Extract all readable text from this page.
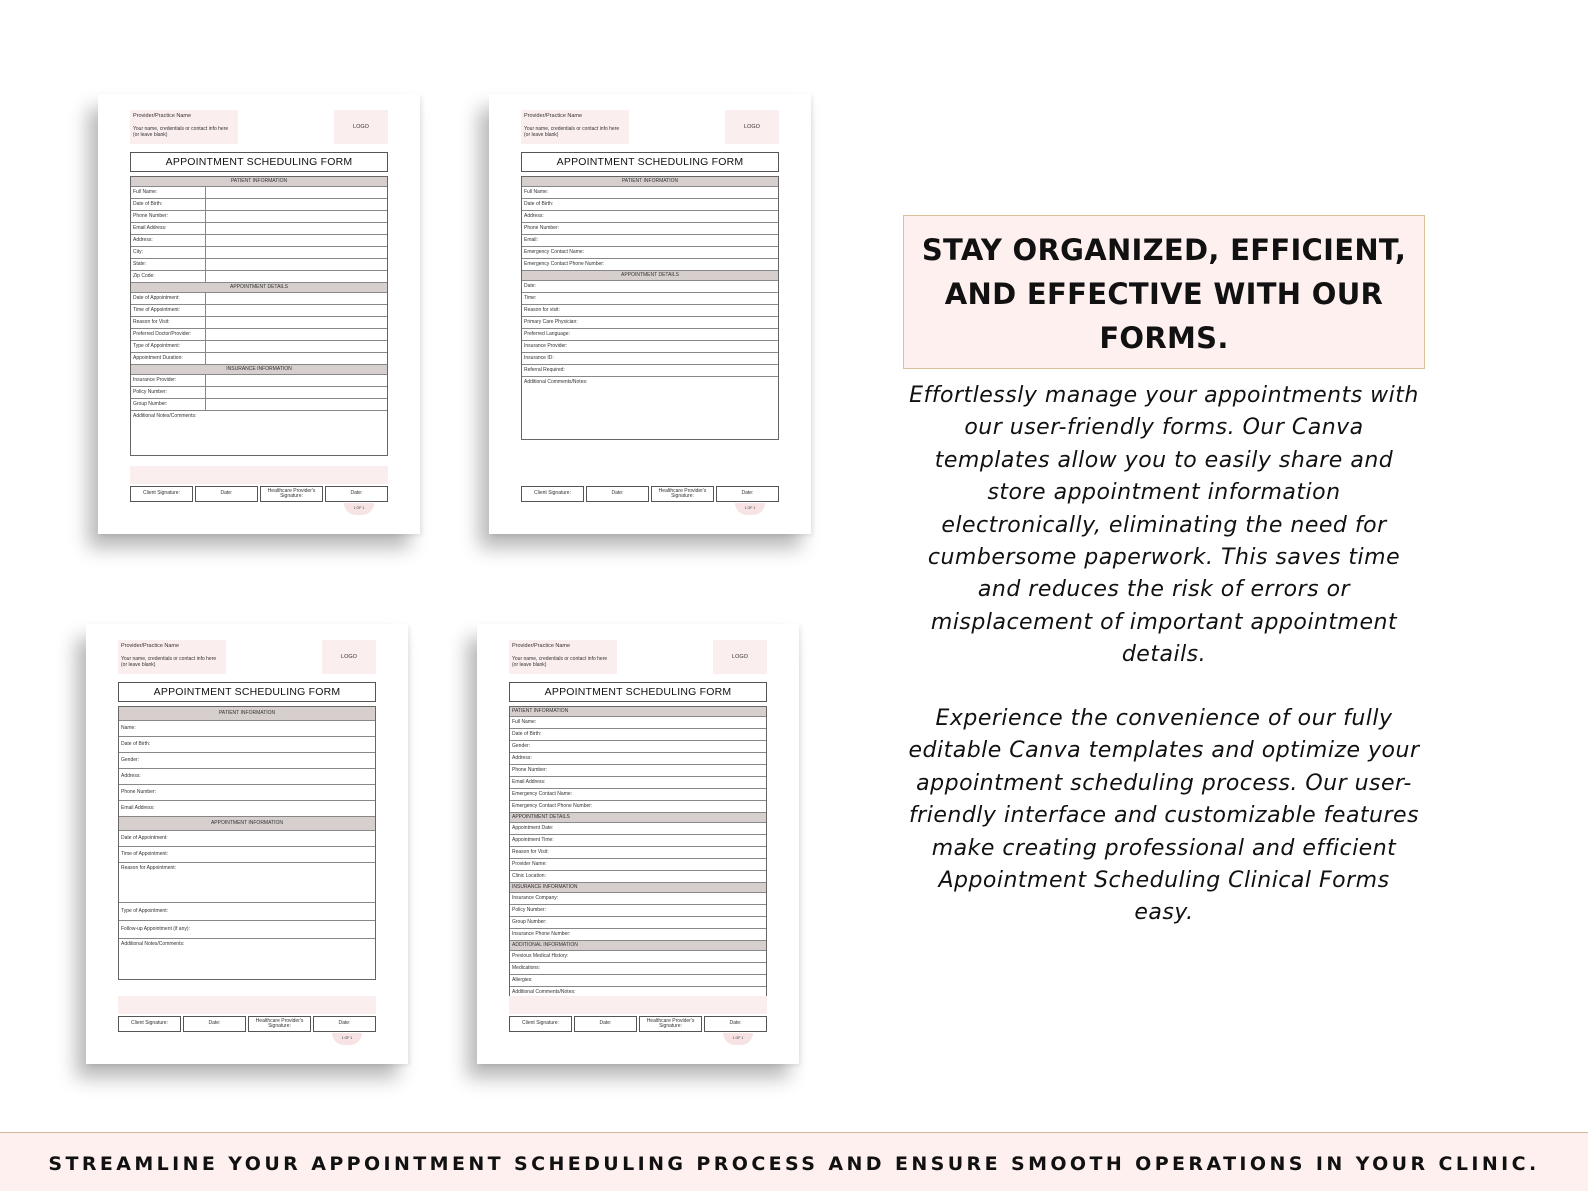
Provider/Practice Name
Your name, credentials or contact info here (or leave blank)
LOGO
APPOINTMENT SCHEDULING FORM
PATIENT INFORMATION
Full Name:
Date of Birth:
Phone Number:
Email Address:
Address:
City:
State:
Zip Code:
APPOINTMENT DETAILS
Date of Appointment:
Time of Appointment:
Reason for Visit:
Preferred Doctor/Provider:
Type of Appointment:
Appointment Duration:
INSURANCE INFORMATION
Insurance Provider:
Policy Number:
Group Number:
Additional Notes/Comments:
Client Signature:	Date:	Healthcare Provider's Signature:	Date:
1 OF 1
Provider/Practice Name
Your name, credentials or contact info here (or leave blank)
LOGO
APPOINTMENT SCHEDULING FORM
PATIENT INFORMATION
Full Name:
Date of Birth:
Address:
Phone Number:
Email:
Emergency Contact Name:
Emergency Contact Phone Number:
APPOINTMENT DETAILS
Date:
Time:
Reason for visit:
Primary Care Physician:
Preferred Language:
Insurance Provider:
Insurance ID:
Referral Required:
Additional Comments/Notes:
Client Signature:	Date:	Healthcare Provider's Signature:	Date:
1 OF 1
Provider/Practice Name
Your name, credentials or contact info here (or leave blank)
LOGO
APPOINTMENT SCHEDULING FORM
PATIENT INFORMATION
Name:
Date of Birth:
Gender:
Address:
Phone Number:
Email Address:
APPOINTMENT INFORMATION
Date of Appointment:
Time of Appointment:
Reason for Appointment:
Type of Appointment:
Follow-up Appointment (if any):
Additional Notes/Comments:
Client Signature:	Date:	Healthcare Provider's Signature:	Date:
1 OF 1
Provider/Practice Name
Your name, credentials or contact info here (or leave blank)
LOGO
APPOINTMENT SCHEDULING FORM
PATIENT INFORMATION
Full Name:
Date of Birth:
Gender:
Address:
Phone Number:
Email Address:
Emergency Contact Name:
Emergency Contact Phone Number:
APPOINTMENT DETAILS
Appointment Date:
Appointment Time:
Reason for Visit:
Provider Name:
Clinic Location:
INSURANCE INFORMATION
Insurance Company:
Policy Number:
Group Number:
Insurance Phone Number:
ADDITIONAL INFORMATION
Previous Medical History:
Medications:
Allergies:
Additional Comments/Notes:
Client Signature:	Date:	Healthcare Provider's Signature:	Date:
1 OF 1
STAY ORGANIZED, EFFICIENT, AND EFFECTIVE WITH OUR FORMS.
Effortlessly manage your appointments with our user-friendly forms. Our Canva templates allow you to easily share and store appointment information electronically, eliminating the need for cumbersome paperwork. This saves time and reduces the risk of errors or misplacement of important appointment details.
Experience the convenience of our fully editable Canva templates and optimize your appointment scheduling process. Our user-friendly interface and customizable features make creating professional and efficient Appointment Scheduling Clinical Forms easy.
STREAMLINE YOUR APPOINTMENT SCHEDULING PROCESS AND ENSURE SMOOTH OPERATIONS IN YOUR CLINIC.
